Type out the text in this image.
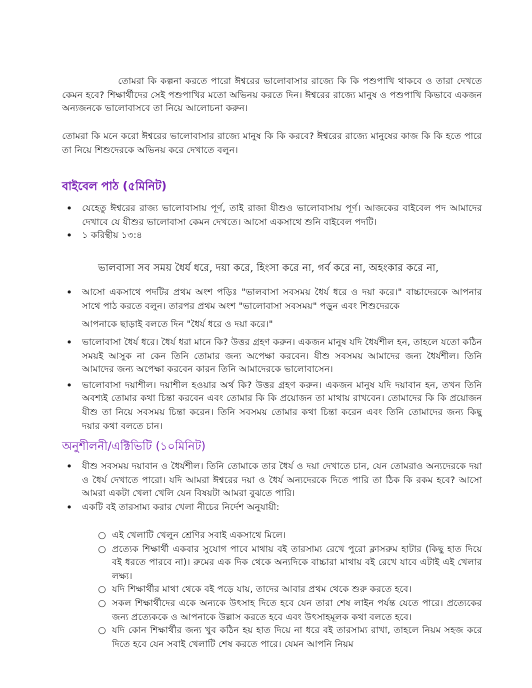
তোমরা কি কল্পনা করতে পারো ঈশ্বরের ভালোবাসার রাজ্যে কি কি পশুপাখি থাকবে ও তারা দেখতে কেমন হবে? শিক্ষার্থীদের সেই পশুপাখির মতো অভিনয় করতে দিন। ঈশ্বরের রাজ্যে মানুষ ও পশুপাখি কিভাবে একজন অন্যজনকে ভালোবাসবে তা নিয়ে আলোচনা করুন।

তোমরা কি মনে করো ঈশ্বরের ভালোবাসার রাজ্যে মানুষ কি কি করবে? ঈশ্বরের রাজ্যে মানুষের কাজ কি কি হতে পারে তা নিয়ে শিশুদেরকে অভিনয় করে দেখাতে বলুন।

বাইবেল পাঠ (৫মিনিট)
• যেহেতু ঈশ্বরের রাজ্য ভালোবাসায় পূর্ণ, তাই রাজা যীশুও ভালোবাসায় পূর্ণ। আজকের বাইবেল পদ আমাদের দেখাবে যে যীশুর ভালোবাসা কেমন দেখতে। আসো একসাথে শুনি বাইবেল পদটি।
• ১ করিন্থীয় ১৩:৪

ভালবাসা সব সময় ধৈর্য ধরে, দয়া করে, হিংসা করে না, গর্ব করে না, অহংকার করে না,

• আসো একসাথে পদটির প্রথম অংশ পড়িঃ "ভালবাসা সবসময় ধৈর্য ধরে ও দয়া করে।" বাচ্চাদেরকে আপনার সাথে পাঠ করতে বলুন। তারপর প্রথম অংশ "ভালোবাসা সবসময়" পড়ুন এবং শিশুদেরকে

আপনাকে ছাড়াই বলতে দিন "ধৈর্য ধরে ও দয়া করে।"

• ভালোবাসা ধৈর্য ধরে। ধৈর্য ধরা মানে কি? উত্তর গ্রহণ করুন। একজন মানুষ যদি ধৈর্যশীল হন, তাহলে যতো কঠিন সময়ই আসুক না কেন তিনি তোমার জন্য অপেক্ষা করবেন। যীশু সবসময় আমাদের জন্য ধৈর্যশীল। তিনি আমাদের জন্য অপেক্ষা করবেন কারন তিনি আমাদেরকে ভালোবাসেন।
• ভালোবাসা দয়াশীল। দয়াশীল হওয়ার অর্থ কি? উত্তর গ্রহণ করুন। একজন মানুষ যদি দয়াবান হন, তখন তিনি অবশ্যই তোমার কথা চিন্তা করবেন এবং তোমার কি কি প্রয়োজন তা মাথায় রাখবেন। তোমাদের কি কি প্রয়োজন যীশু তা নিয়ে সবসময় চিন্তা করেন। তিনি সবসময় তোমার কথা চিন্তা করেন এবং তিনি তোমাদের জন্য কিছু দয়ার কথা বলতে চান।
অনুশীলনী/এক্টিভিটি (১০মিনিট)
• যীশু সবসময় দয়াবান ও ধৈর্যশীল। তিনি তোমাকে তার ধৈর্য ও দয়া দেখাতে চান, যেন তোমরাও অন্যদেরকে দয়া ও ধৈর্য দেখাতে পারো। যদি আমরা ঈশ্বরের দয়া ও ধৈর্য অন্যদেরকে দিতে পারি তা ঠিক কি রকম হবে? আসো আমরা একটা খেলা খেলি যেন বিষয়টা আমরা বুঝতে পারি।
• একটি বই তারসাম্য করার খেলা নীচের নির্দেশ অনুযায়ী:
○ এই খেলাটি খেলুন শ্রেণির সবাই একসাথে মিলে।
○ প্রত্যেক শিক্ষার্থী একবার সুযোগ পাবে মাথায় বই তারসাম্য রেখে পুরো ক্লাসরুম হাটার (কিছু হাত দিয়ে বই ধরতে পারবে না)। রুমের এক দিক থেকে অন্যদিকে বাচ্চারা মাথায় বই রেখে যাবে এটাই এই খেলার লক্ষ্য।
○ যদি শিক্ষার্থীর মাথা থেকে বই পড়ে যায়, তাদের আবার প্রথম থেকে শুরু করতে হবে।
○ সকল শিক্ষার্থীদের একে অন্যকে উৎসাহ দিতে হবে যেন তারা শেষ লাইন পর্যন্ত যেতে পারে। প্রত্যেকের জন্য প্রত্যেককে ও আপনাকে উল্লাস করতে হবে এবং উৎসাহমূলক কথা বলতে হবে।
○ যদি কোন শিক্ষার্থীর জন্য খুব কঠিন হয় হাত দিয়ে না ধরে বই তারসাম্য রাখা, তাহলে নিয়ম সহজ করে দিতে হবে যেন সবাই খেলাটি শেষ করতে পারে। যেমন আপনি নিয়ম
